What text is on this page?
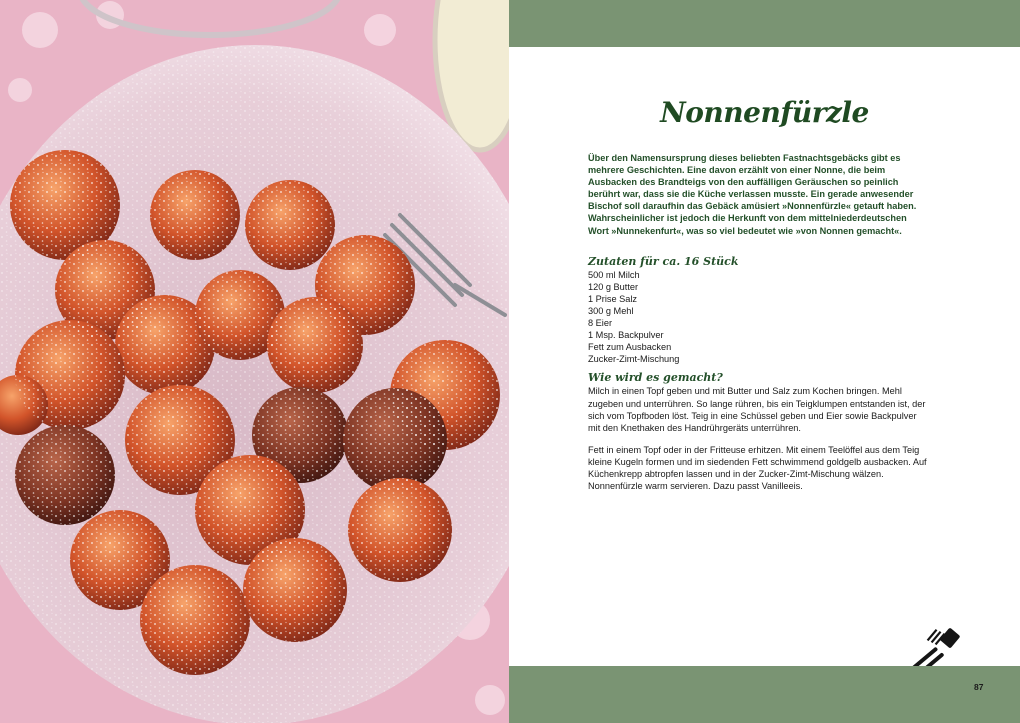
Nonnenfürzle

Über den Namensursprung dieses beliebten Fastnachtsgebäcks gibt es mehrere Geschichten. Eine davon erzählt von einer Nonne, die beim Ausbacken des Brandteigs von den auffälligen Geräuschen so peinlich berührt war, dass sie die Küche verlassen musste. Ein gerade anwesender Bischof soll daraufhin das Gebäck amüsiert »Nonnenfürzle« getauft haben. Wahrscheinlicher ist jedoch die Herkunft von dem mittelniederdeutschen Wort »Nunnekenfurt«, was so viel bedeutet wie »von Nonnen gemacht«.

Zutaten für ca. 16 Stück
500 ml Milch
120 g Butter
1 Prise Salz
300 g Mehl
8 Eier
1 Msp. Backpulver
Fett zum Ausbacken
Zucker-Zimt-Mischung
Wie wird es gemacht?

Milch in einen Topf geben und mit Butter und Salz zum Kochen bringen. Mehl zugeben und unterrühren. So lange rühren, bis ein Teigklumpen entstanden ist, der sich vom Topfboden löst. Teig in eine Schüssel geben und Eier sowie Backpulver mit den Knethaken des Handrührgeräts unterrühren.

Fett in einem Topf oder in der Fritteuse erhitzen. Mit einem Teelöffel aus dem Teig kleine Kugeln formen und im siedenden Fett schwimmend goldgelb ausbacken. Auf Küchenkrepp abtropfen lassen und in der Zucker-Zimt-Mischung wälzen. Nonnenfürzle warm servieren. Dazu passt Vanilleeis.

87
